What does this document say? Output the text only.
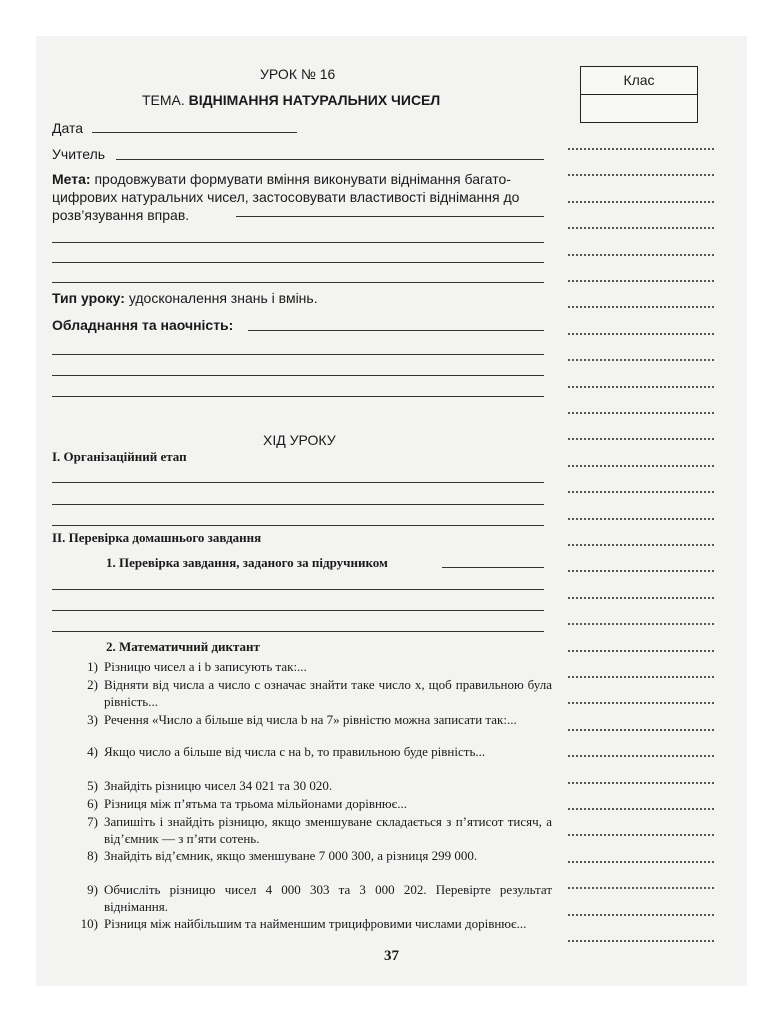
УРОК № 16
ТЕМА. ВІДНІМАННЯ НАТУРАЛЬНИХ ЧИСЕЛ
Клас
Дата
Учитель
Мета: продовжувати формувати вміння виконувати віднімання багато-цифрових натуральних чисел, застосовувати властивості віднімання до розв’язування вправ.
Тип уроку: удосконалення знань і вмінь.
Обладнання та наочність:
ХІД УРОКУ
I. Організаційний етап
II. Перевірка домашнього завдання
1. Перевірка завдання, заданого за підручником
2. Математичний диктант
1) Різницю чисел a і b записують так:...
2) Відняти від числа a число c означає знайти таке число x, щоб правильною була рівність...
3) Речення «Число a більше від числа b на 7» рівністю можна записати так:...
4) Якщо число a більше від числа c на b, то правильною буде рівність...
5) Знайдіть різницю чисел 34 021 та 30 020.
6) Різниця між п’ятьма та трьома мільйонами дорівнює...
7) Запишіть і знайдіть різницю, якщо зменшуване складається з п’ятисот тисяч, а від’ємник — з п’яти сотень.
8) Знайдіть від’ємник, якщо зменшуване 7 000 300, а різниця 299 000.
9) Обчисліть різницю чисел 4 000 303 та 3 000 202. Перевірте результат віднімання.
10) Різниця між найбільшим та найменшим трицифровими числами дорівнює...
37
